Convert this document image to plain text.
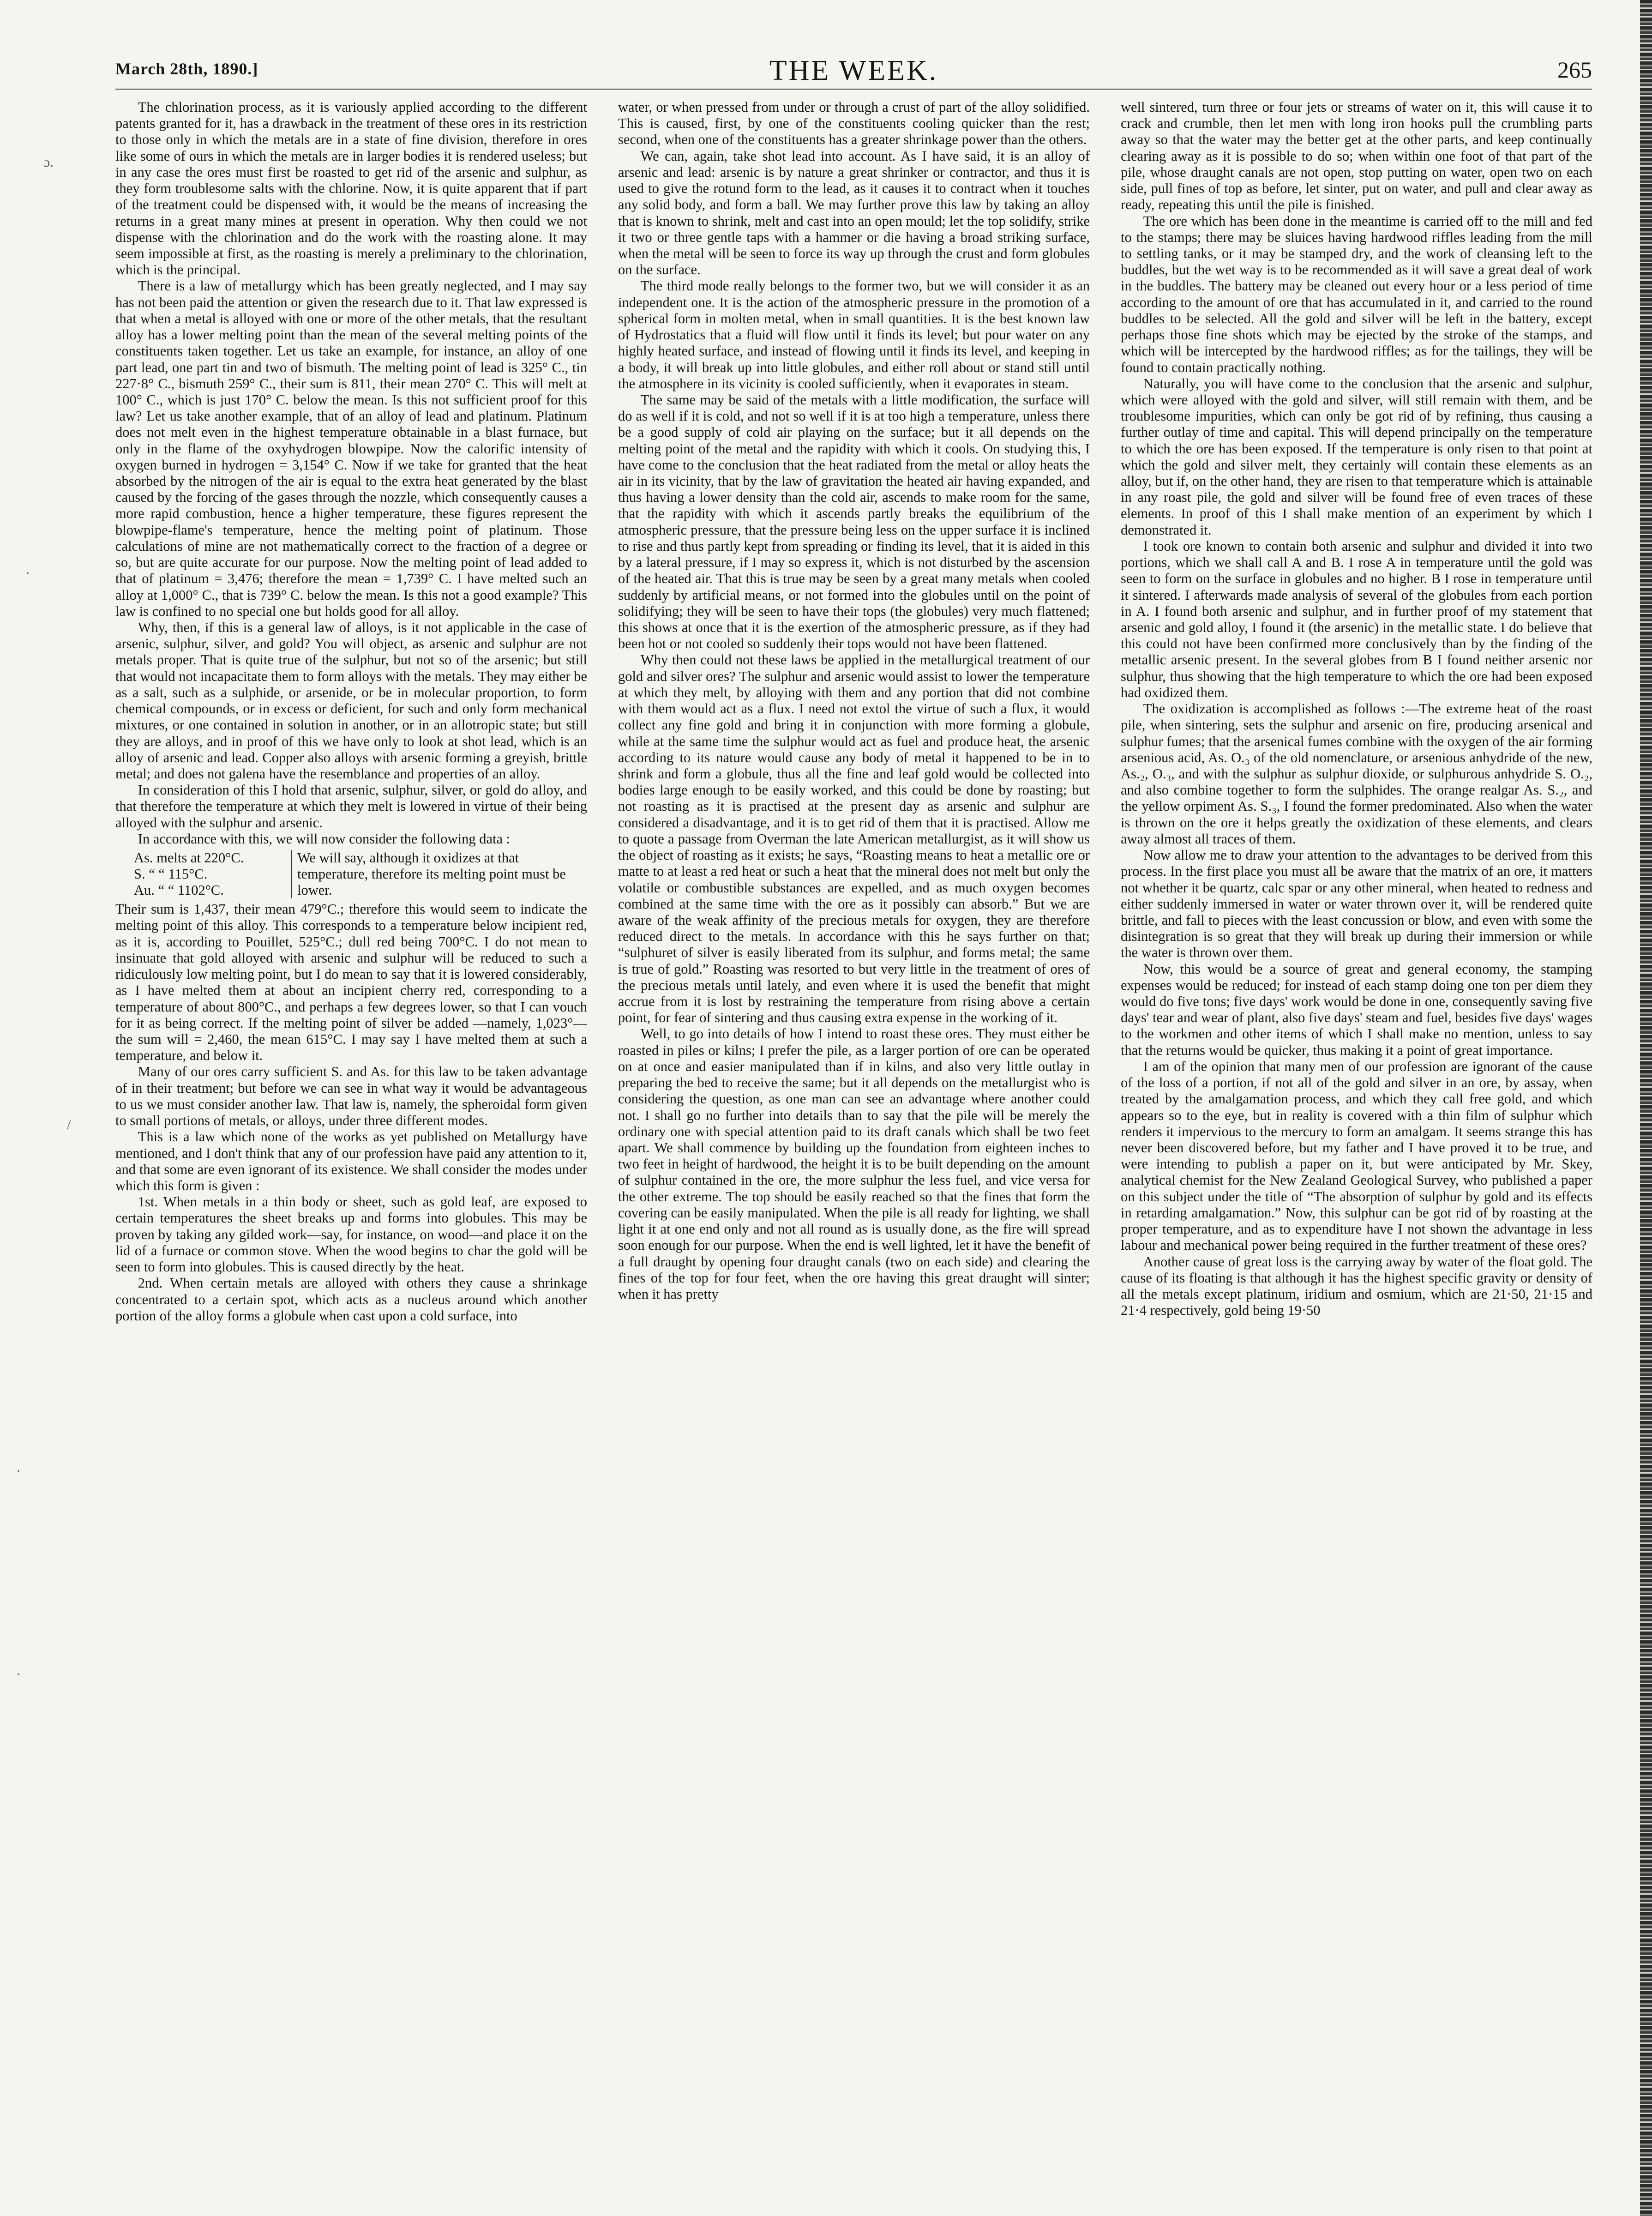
March 28th, 1890.]	THE WEEK.	265
ɔ.
·
/
·
·

The chlorination process, as it is variously applied according to the different patents granted for it, has a drawback in the treatment of these ores in its restriction to those only in which the metals are in a state of fine division, therefore in ores like some of ours in which the metals are in larger bodies it is rendered useless; but in any case the ores must first be roasted to get rid of the arsenic and sulphur, as they form troublesome salts with the chlorine. Now, it is quite apparent that if part of the treatment could be dispensed with, it would be the means of increasing the returns in a great many mines at present in operation. Why then could we not dispense with the chlorination and do the work with the roasting alone. It may seem impossible at first, as the roasting is merely a preliminary to the chlorination, which is the principal.

There is a law of metallurgy which has been greatly neglected, and I may say has not been paid the attention or given the research due to it. That law expressed is that when a metal is alloyed with one or more of the other metals, that the resultant alloy has a lower melting point than the mean of the several melting points of the constituents taken together. Let us take an example, for instance, an alloy of one part lead, one part tin and two of bismuth. The melting point of lead is 325° C., tin 227·8° C., bismuth 259° C., their sum is 811, their mean 270° C. This will melt at 100° C., which is just 170° C. below the mean. Is this not sufficient proof for this law? Let us take another example, that of an alloy of lead and platinum. Platinum does not melt even in the highest temperature obtainable in a blast furnace, but only in the flame of the oxyhydrogen blowpipe. Now the calorific intensity of oxygen burned in hydrogen = 3,154° C. Now if we take for granted that the heat absorbed by the nitrogen of the air is equal to the extra heat generated by the blast caused by the forcing of the gases through the nozzle, which consequently causes a more rapid combustion, hence a higher temperature, these figures represent the blowpipe-flame's temperature, hence the melting point of platinum. Those calculations of mine are not mathematically correct to the fraction of a degree or so, but are quite accurate for our purpose. Now the melting point of lead added to that of platinum = 3,476; therefore the mean = 1,739° C. I have melted such an alloy at 1,000° C., that is 739° C. below the mean. Is this not a good example? This law is confined to no special one but holds good for all alloy.

Why, then, if this is a general law of alloys, is it not applicable in the case of arsenic, sulphur, silver, and gold? You will object, as arsenic and sulphur are not metals proper. That is quite true of the sulphur, but not so of the arsenic; but still that would not incapacitate them to form alloys with the metals. They may either be as a salt, such as a sulphide, or arsenide, or be in molecular proportion, to form chemical compounds, or in excess or deficient, for such and only form mechanical mixtures, or one contained in solution in another, or in an allotropic state; but still they are alloys, and in proof of this we have only to look at shot lead, which is an alloy of arsenic and lead. Copper also alloys with arsenic forming a greyish, brittle metal; and does not galena have the resemblance and properties of an alloy.

In consideration of this I hold that arsenic, sulphur, silver, or gold do alloy, and that therefore the temperature at which they melt is lowered in virtue of their being alloyed with the sulphur and arsenic.

In accordance with this, we will now consider the following data :

As. melts at 220°C.
S. “ “ 115°C.
Au. “ “ 1102°C.
We will say, although it oxidizes at that temperature, therefore its melting point must be lower.

Their sum is 1,437, their mean 479°C.; therefore this would seem to indicate the melting point of this alloy. This corresponds to a temperature below incipient red, as it is, according to Pouillet, 525°C.; dull red being 700°C. I do not mean to insinuate that gold alloyed with arsenic and sulphur will be reduced to such a ridiculously low melting point, but I do mean to say that it is lowered considerably, as I have melted them at about an incipient cherry red, corresponding to a temperature of about 800°C., and perhaps a few degrees lower, so that I can vouch for it as being correct. If the melting point of silver be added —namely, 1,023°—the sum will = 2,460, the mean 615°C. I may say I have melted them at such a temperature, and below it.

Many of our ores carry sufficient S. and As. for this law to be taken advantage of in their treatment; but before we can see in what way it would be advantageous to us we must consider another law. That law is, namely, the spheroidal form given to small portions of metals, or alloys, under three different modes.

This is a law which none of the works as yet published on Metallurgy have mentioned, and I don't think that any of our profession have paid any attention to it, and that some are even ignorant of its existence. We shall consider the modes under which this form is given :

1st. When metals in a thin body or sheet, such as gold leaf, are exposed to certain temperatures the sheet breaks up and forms into globules. This may be proven by taking any gilded work—say, for instance, on wood—and place it on the lid of a furnace or common stove. When the wood begins to char the gold will be seen to form into globules. This is caused directly by the heat.

2nd. When certain metals are alloyed with others they cause a shrinkage concentrated to a certain spot, which acts as a nucleus around which another portion of the alloy forms a globule when cast upon a cold surface, into

water, or when pressed from under or through a crust of part of the alloy solidified. This is caused, first, by one of the constituents cooling quicker than the rest; second, when one of the constituents has a greater shrinkage power than the others.

We can, again, take shot lead into account. As I have said, it is an alloy of arsenic and lead: arsenic is by nature a great shrinker or contractor, and thus it is used to give the rotund form to the lead, as it causes it to contract when it touches any solid body, and form a ball. We may further prove this law by taking an alloy that is known to shrink, melt and cast into an open mould; let the top solidify, strike it two or three gentle taps with a hammer or die having a broad striking surface, when the metal will be seen to force its way up through the crust and form globules on the surface.

The third mode really belongs to the former two, but we will consider it as an independent one. It is the action of the atmospheric pressure in the promotion of a spherical form in molten metal, when in small quantities. It is the best known law of Hydrostatics that a fluid will flow until it finds its level; but pour water on any highly heated surface, and instead of flowing until it finds its level, and keeping in a body, it will break up into little globules, and either roll about or stand still until the atmosphere in its vicinity is cooled sufficiently, when it evaporates in steam.

The same may be said of the metals with a little modification, the surface will do as well if it is cold, and not so well if it is at too high a temperature, unless there be a good supply of cold air playing on the surface; but it all depends on the melting point of the metal and the rapidity with which it cools. On studying this, I have come to the conclusion that the heat radiated from the metal or alloy heats the air in its vicinity, that by the law of gravitation the heated air having expanded, and thus having a lower density than the cold air, ascends to make room for the same, that the rapidity with which it ascends partly breaks the equilibrium of the atmospheric pressure, that the pressure being less on the upper surface it is inclined to rise and thus partly kept from spreading or finding its level, that it is aided in this by a lateral pressure, if I may so express it, which is not disturbed by the ascension of the heated air. That this is true may be seen by a great many metals when cooled suddenly by artificial means, or not formed into the globules until on the point of solidifying; they will be seen to have their tops (the globules) very much flattened; this shows at once that it is the exertion of the atmospheric pressure, as if they had been hot or not cooled so suddenly their tops would not have been flattened.

Why then could not these laws be applied in the metallurgical treatment of our gold and silver ores? The sulphur and arsenic would assist to lower the temperature at which they melt, by alloying with them and any portion that did not combine with them would act as a flux. I need not extol the virtue of such a flux, it would collect any fine gold and bring it in conjunction with more forming a globule, while at the same time the sulphur would act as fuel and produce heat, the arsenic according to its nature would cause any body of metal it happened to be in to shrink and form a globule, thus all the fine and leaf gold would be collected into bodies large enough to be easily worked, and this could be done by roasting; but not roasting as it is practised at the present day as arsenic and sulphur are considered a disadvantage, and it is to get rid of them that it is practised. Allow me to quote a passage from Overman the late American metallurgist, as it will show us the object of roasting as it exists; he says, “Roasting means to heat a metallic ore or matte to at least a red heat or such a heat that the mineral does not melt but only the volatile or combustible substances are expelled, and as much oxygen becomes combined at the same time with the ore as it possibly can absorb.” But we are aware of the weak affinity of the precious metals for oxygen, they are therefore reduced direct to the metals. In accordance with this he says further on that; “sulphuret of silver is easily liberated from its sulphur, and forms metal; the same is true of gold.” Roasting was resorted to but very little in the treatment of ores of the precious metals until lately, and even where it is used the benefit that might accrue from it is lost by restraining the temperature from rising above a certain point, for fear of sintering and thus causing extra expense in the working of it.

Well, to go into details of how I intend to roast these ores. They must either be roasted in piles or kilns; I prefer the pile, as a larger portion of ore can be operated on at once and easier manipulated than if in kilns, and also very little outlay in preparing the bed to receive the same; but it all depends on the metallurgist who is considering the question, as one man can see an advantage where another could not. I shall go no further into details than to say that the pile will be merely the ordinary one with special attention paid to its draft canals which shall be two feet apart. We shall commence by building up the foundation from eighteen inches to two feet in height of hardwood, the height it is to be built depending on the amount of sulphur contained in the ore, the more sulphur the less fuel, and vice versa for the other extreme. The top should be easily reached so that the fines that form the covering can be easily manipulated. When the pile is all ready for lighting, we shall light it at one end only and not all round as is usually done, as the fire will spread soon enough for our purpose. When the end is well lighted, let it have the benefit of a full draught by opening four draught canals (two on each side) and clearing the fines of the top for four feet, when the ore having this great draught will sinter; when it has pretty

well sintered, turn three or four jets or streams of water on it, this will cause it to crack and crumble, then let men with long iron hooks pull the crumbling parts away so that the water may the better get at the other parts, and keep continually clearing away as it is possible to do so; when within one foot of that part of the pile, whose draught canals are not open, stop putting on water, open two on each side, pull fines of top as before, let sinter, put on water, and pull and clear away as ready, repeating this until the pile is finished.

The ore which has been done in the meantime is carried off to the mill and fed to the stamps; there may be sluices having hardwood riffles leading from the mill to settling tanks, or it may be stamped dry, and the work of cleansing left to the buddles, but the wet way is to be recommended as it will save a great deal of work in the buddles. The battery may be cleaned out every hour or a less period of time according to the amount of ore that has accumulated in it, and carried to the round buddles to be selected. All the gold and silver will be left in the battery, except perhaps those fine shots which may be ejected by the stroke of the stamps, and which will be intercepted by the hardwood riffles; as for the tailings, they will be found to contain practically nothing.

Naturally, you will have come to the conclusion that the arsenic and sulphur, which were alloyed with the gold and silver, will still remain with them, and be troublesome impurities, which can only be got rid of by refining, thus causing a further outlay of time and capital. This will depend principally on the temperature to which the ore has been exposed. If the temperature is only risen to that point at which the gold and silver melt, they certainly will contain these elements as an alloy, but if, on the other hand, they are risen to that temperature which is attainable in any roast pile, the gold and silver will be found free of even traces of these elements. In proof of this I shall make mention of an experiment by which I demonstrated it.

I took ore known to contain both arsenic and sulphur and divided it into two portions, which we shall call A and B. I rose A in temperature until the gold was seen to form on the surface in globules and no higher. B I rose in temperature until it sintered. I afterwards made analysis of several of the globules from each portion in A. I found both arsenic and sulphur, and in further proof of my statement that arsenic and gold alloy, I found it (the arsenic) in the metallic state. I do believe that this could not have been confirmed more conclusively than by the finding of the metallic arsenic present. In the several globes from B I found neither arsenic nor sulphur, thus showing that the high temperature to which the ore had been exposed had oxidized them.

The oxidization is accomplished as follows :—The extreme heat of the roast pile, when sintering, sets the sulphur and arsenic on fire, producing arsenical and sulphur fumes; that the arsenical fumes combine with the oxygen of the air forming arsenious acid, As. O.₃ of the old nomenclature, or arsenious anhydride of the new, As.₂, O.₃, and with the sulphur as sulphur dioxide, or sulphurous anhydride S. O.₂, and also combine together to form the sulphides. The orange realgar As. S.₂, and the yellow orpiment As. S.₃, I found the former predominated. Also when the water is thrown on the ore it helps greatly the oxidization of these elements, and clears away almost all traces of them.

Now allow me to draw your attention to the advantages to be derived from this process. In the first place you must all be aware that the matrix of an ore, it matters not whether it be quartz, calc spar or any other mineral, when heated to redness and either suddenly immersed in water or water thrown over it, will be rendered quite brittle, and fall to pieces with the least concussion or blow, and even with some the disintegration is so great that they will break up during their immersion or while the water is thrown over them.

Now, this would be a source of great and general economy, the stamping expenses would be reduced; for instead of each stamp doing one ton per diem they would do five tons; five days' work would be done in one, consequently saving five days' tear and wear of plant, also five days' steam and fuel, besides five days' wages to the workmen and other items of which I shall make no mention, unless to say that the returns would be quicker, thus making it a point of great importance.

I am of the opinion that many men of our profession are ignorant of the cause of the loss of a portion, if not all of the gold and silver in an ore, by assay, when treated by the amalgamation process, and which they call free gold, and which appears so to the eye, but in reality is covered with a thin film of sulphur which renders it impervious to the mercury to form an amalgam. It seems strange this has never been discovered before, but my father and I have proved it to be true, and were intending to publish a paper on it, but were anticipated by Mr. Skey, analytical chemist for the New Zealand Geological Survey, who published a paper on this subject under the title of “The absorption of sulphur by gold and its effects in retarding amalgamation.” Now, this sulphur can be got rid of by roasting at the proper temperature, and as to expenditure have I not shown the advantage in less labour and mechanical power being required in the further treatment of these ores?

Another cause of great loss is the carrying away by water of the float gold. The cause of its floating is that although it has the highest specific gravity or density of all the metals except platinum, iridium and osmium, which are 21·50, 21·15 and 21·4 respectively, gold being 19·50
